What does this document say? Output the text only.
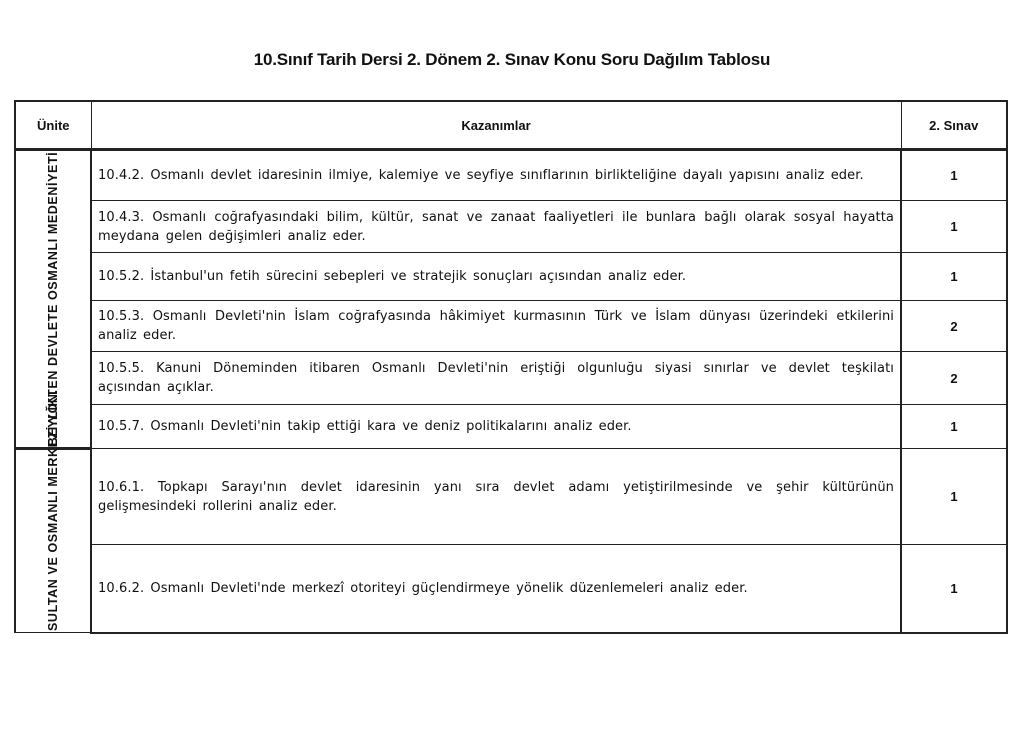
10.Sınıf Tarih Dersi 2. Dönem 2. Sınav Konu Soru Dağılım Tablosu
Ünite	Kazanımlar	2. Sınav

BEYLİKTEN DEVLETE OSMANLI MEDENİYETİ	10.4.2. Osmanlı devlet idaresinin ilmiye, kalemiye ve seyfiye sınıflarının birlikteliğine dayalı yapısını analiz eder.	1
	10.4.3. Osmanlı coğrafyasındaki bilim, kültür, sanat ve zanaat faaliyetleri ile bunlara bağlı olarak sosyal hayatta meydana gelen değişimleri analiz eder.	1
	10.5.2. İstanbul'un fetih sürecini sebepleri ve stratejik sonuçları açısından analiz eder.	1
	10.5.3. Osmanlı Devleti'nin İslam coğrafyasında hâkimiyet kurmasının Türk ve İslam dünyası üzerindeki etkilerini analiz eder.	2
	10.5.5. Kanuni Döneminden itibaren Osmanlı Devleti'nin eriştiği olgunluğu siyasi sınırlar ve devlet teşkilatı açısından açıklar.	2
	10.5.7. Osmanlı Devleti'nin takip ettiği kara ve deniz politikalarını analiz eder.	1

SULTAN VE OSMANLI MERKEZİ YÖN.	10.6.1. Topkapı Sarayı'nın devlet idaresinin yanı sıra devlet adamı yetiştirilmesinde ve şehir kültürünün gelişmesindeki rollerini analiz eder.	1
	10.6.2. Osmanlı Devleti'nde merkezî otoriteyi güçlendirmeye yönelik düzenlemeleri analiz eder.	1
